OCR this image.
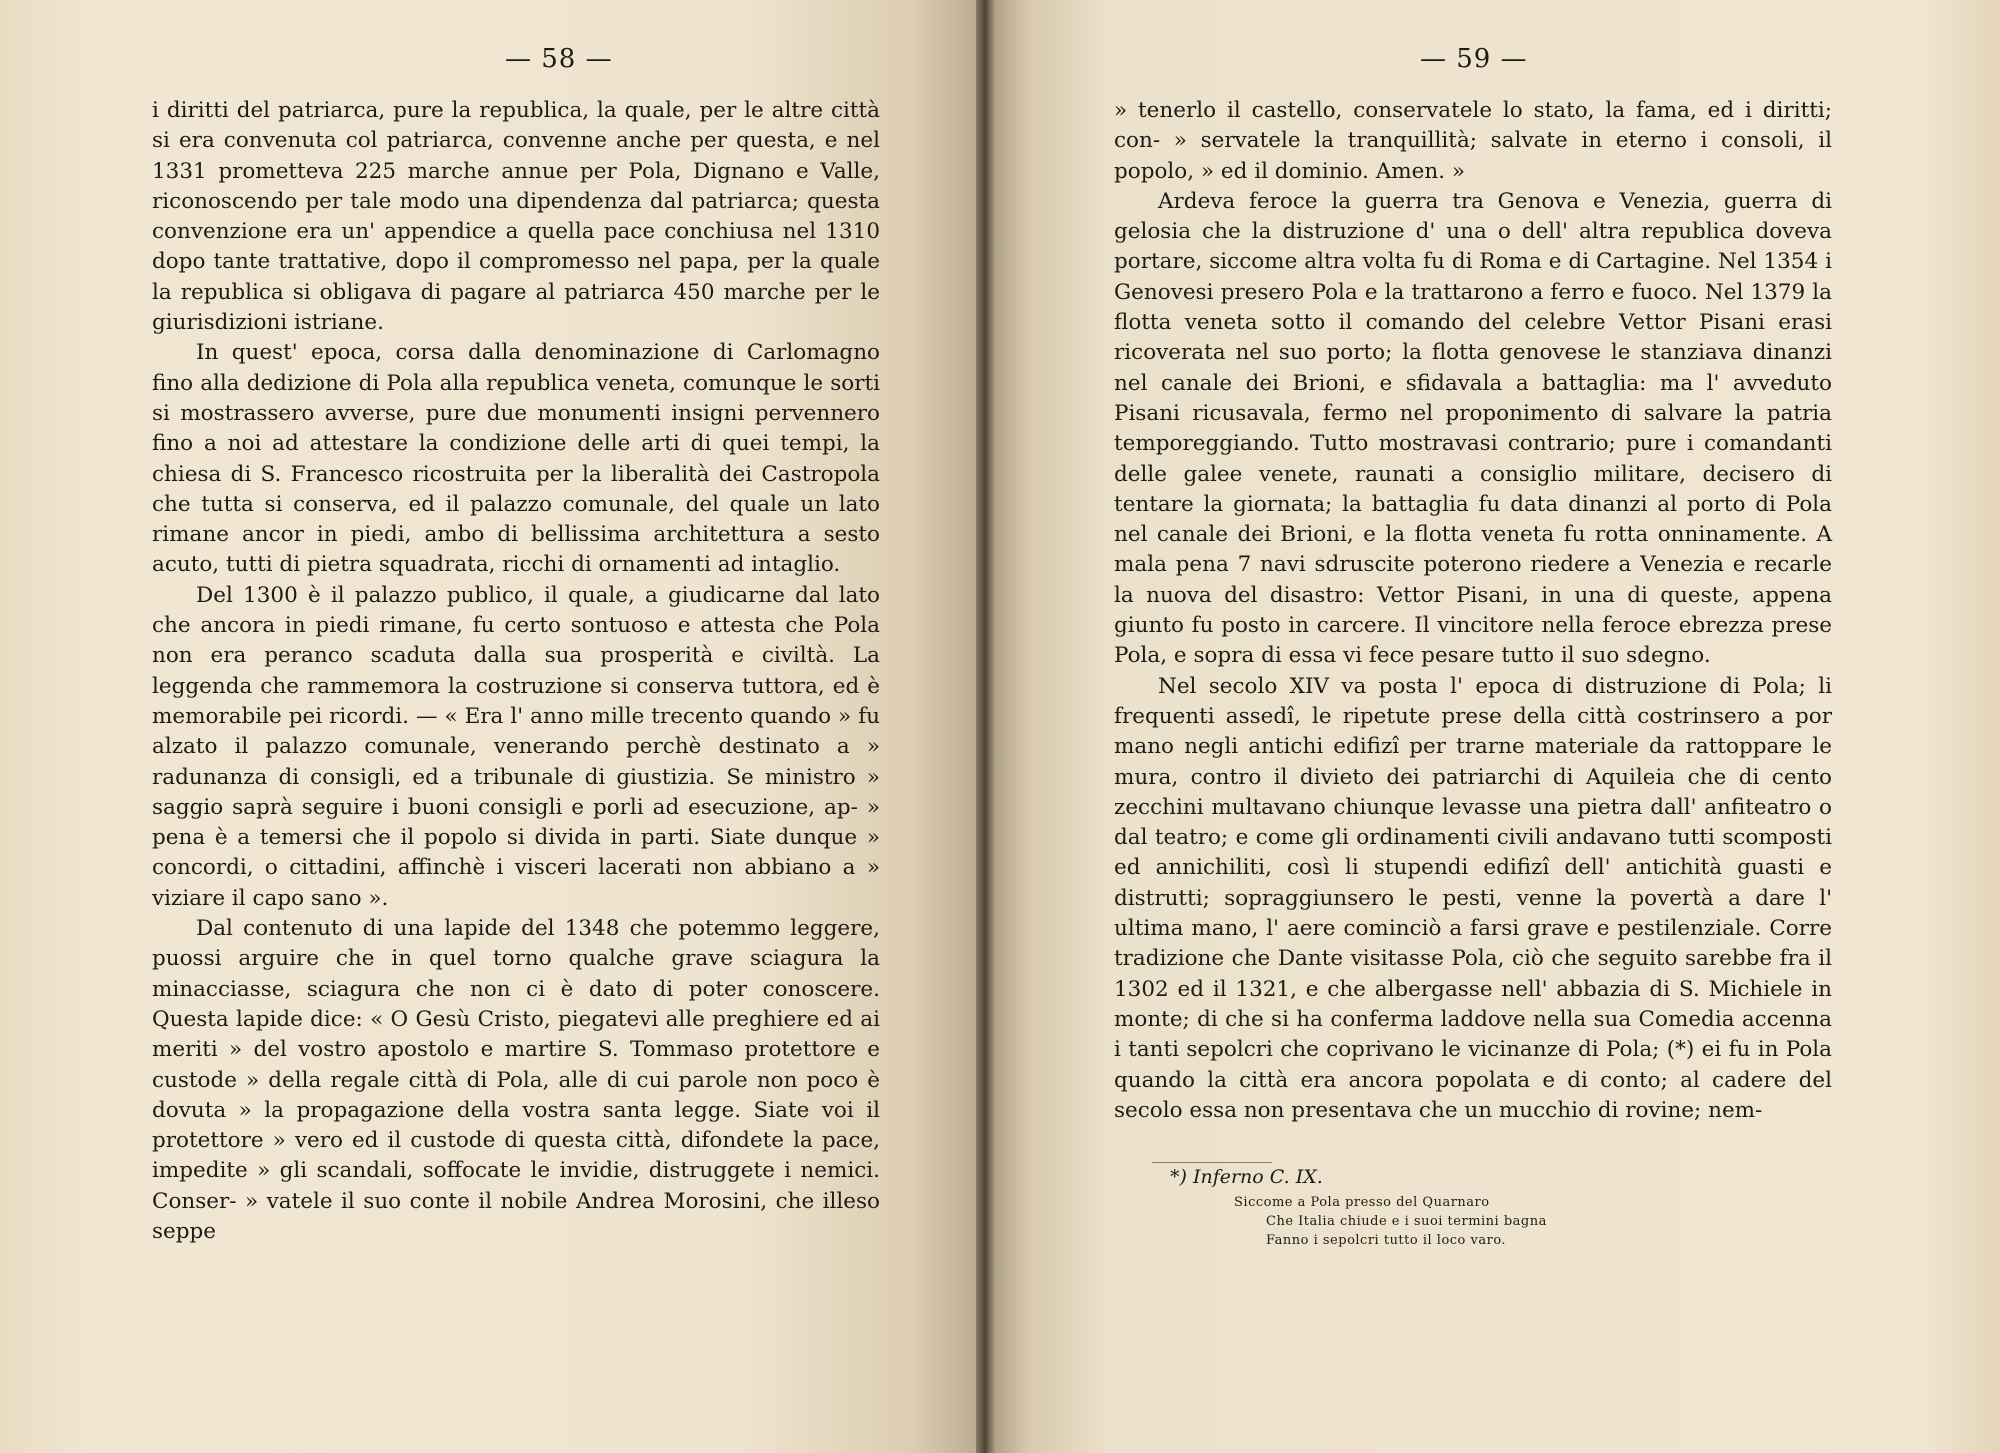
— 58 —	— 59 —

i diritti del patriarca, pure la republica, la quale, per le altre città si era convenuta col patriarca, convenne anche per questa, e nel 1331 prometteva 225 marche annue per Pola, Dignano e Valle, riconoscendo per tale modo una dipendenza dal patriarca; questa convenzione era un' appendice a quella pace conchiusa nel 1310 dopo tante trattative, dopo il compromesso nel papa, per la quale la republica si obligava di pagare al patriarca 450 marche per le giurisdizioni istriane.

In quest' epoca, corsa dalla denominazione di Carlomagno fino alla dedizione di Pola alla republica veneta, comunque le sorti si mostrassero avverse, pure due monumenti insigni pervennero fino a noi ad attestare la condizione delle arti di quei tempi, la chiesa di S. Francesco ricostruita per la liberalità dei Castropola che tutta si conserva, ed il palazzo comunale, del quale un lato rimane ancor in piedi, ambo di bellissima architettura a sesto acuto, tutti di pietra squadrata, ricchi di ornamenti ad intaglio.

Del 1300 è il palazzo publico, il quale, a giudicarne dal lato che ancora in piedi rimane, fu certo sontuoso e attesta che Pola non era peranco scaduta dalla sua prosperità e civiltà. La leggenda che rammemora la costruzione si conserva tuttora, ed è memorabile pei ricordi. — « Era l' anno mille trecento quando » fu alzato il palazzo comunale, venerando perchè destinato a » radunanza di consigli, ed a tribunale di giustizia. Se ministro » saggio saprà seguire i buoni consigli e porli ad esecuzione, ap- » pena è a temersi che il popolo si divida in parti. Siate dunque » concordi, o cittadini, affinchè i visceri lacerati non abbiano a » viziare il capo sano ».

Dal contenuto di una lapide del 1348 che potemmo leggere, puossi arguire che in quel torno qualche grave sciagura la minacciasse, sciagura che non ci è dato di poter conoscere. Questa lapide dice: « O Gesù Cristo, piegatevi alle preghiere ed ai meriti » del vostro apostolo e martire S. Tommaso protettore e custode » della regale città di Pola, alle di cui parole non poco è dovuta » la propagazione della vostra santa legge. Siate voi il protettore » vero ed il custode di questa città, difondete la pace, impedite » gli scandali, soffocate le invidie, distruggete i nemici. Conser- » vatele il suo conte il nobile Andrea Morosini, che illeso seppe

» tenerlo il castello, conservatele lo stato, la fama, ed i diritti; con- » servatele la tranquillità; salvate in eterno i consoli, il popolo, » ed il dominio. Amen. »

Ardeva feroce la guerra tra Genova e Venezia, guerra di gelosia che la distruzione d' una o dell' altra republica doveva portare, siccome altra volta fu di Roma e di Cartagine. Nel 1354 i Genovesi presero Pola e la trattarono a ferro e fuoco. Nel 1379 la flotta veneta sotto il comando del celebre Vettor Pisani erasi ricoverata nel suo porto; la flotta genovese le stanziava dinanzi nel canale dei Brioni, e sfidavala a battaglia: ma l' avveduto Pisani ricusavala, fermo nel proponimento di salvare la patria temporeggiando. Tutto mostravasi contrario; pure i comandanti delle galee venete, raunati a consiglio militare, decisero di tentare la giornata; la battaglia fu data dinanzi al porto di Pola nel canale dei Brioni, e la flotta veneta fu rotta onninamente. A mala pena 7 navi sdruscite poterono riedere a Venezia e recarle la nuova del disastro: Vettor Pisani, in una di queste, appena giunto fu posto in carcere. Il vincitore nella feroce ebrezza prese Pola, e sopra di essa vi fece pesare tutto il suo sdegno.

Nel secolo XIV va posta l' epoca di distruzione di Pola; li frequenti assedî, le ripetute prese della città costrinsero a por mano negli antichi edifizî per trarne materiale da rattoppare le mura, contro il divieto dei patriarchi di Aquileia che di cento zecchini multavano chiunque levasse una pietra dall' anfiteatro o dal teatro; e come gli ordinamenti civili andavano tutti scomposti ed annichiliti, così li stupendi edifizî dell' antichità guasti e distrutti; sopraggiunsero le pesti, venne la povertà a dare l' ultima mano, l' aere cominciò a farsi grave e pestilenziale. Corre tradizione che Dante visitasse Pola, ciò che seguito sarebbe fra il 1302 ed il 1321, e che albergasse nell' abbazia di S. Michiele in monte; di che si ha conferma laddove nella sua Comedia accenna i tanti sepolcri che coprivano le vicinanze di Pola; (*) ei fu in Pola quando la città era ancora popolata e di conto; al cadere del secolo essa non presentava che un mucchio di rovine; nem-

*) Inferno C. IX.

Siccome a Pola presso del Quarnaro

Che Italia chiude e i suoi termini bagna

Fanno i sepolcri tutto il loco varo.
